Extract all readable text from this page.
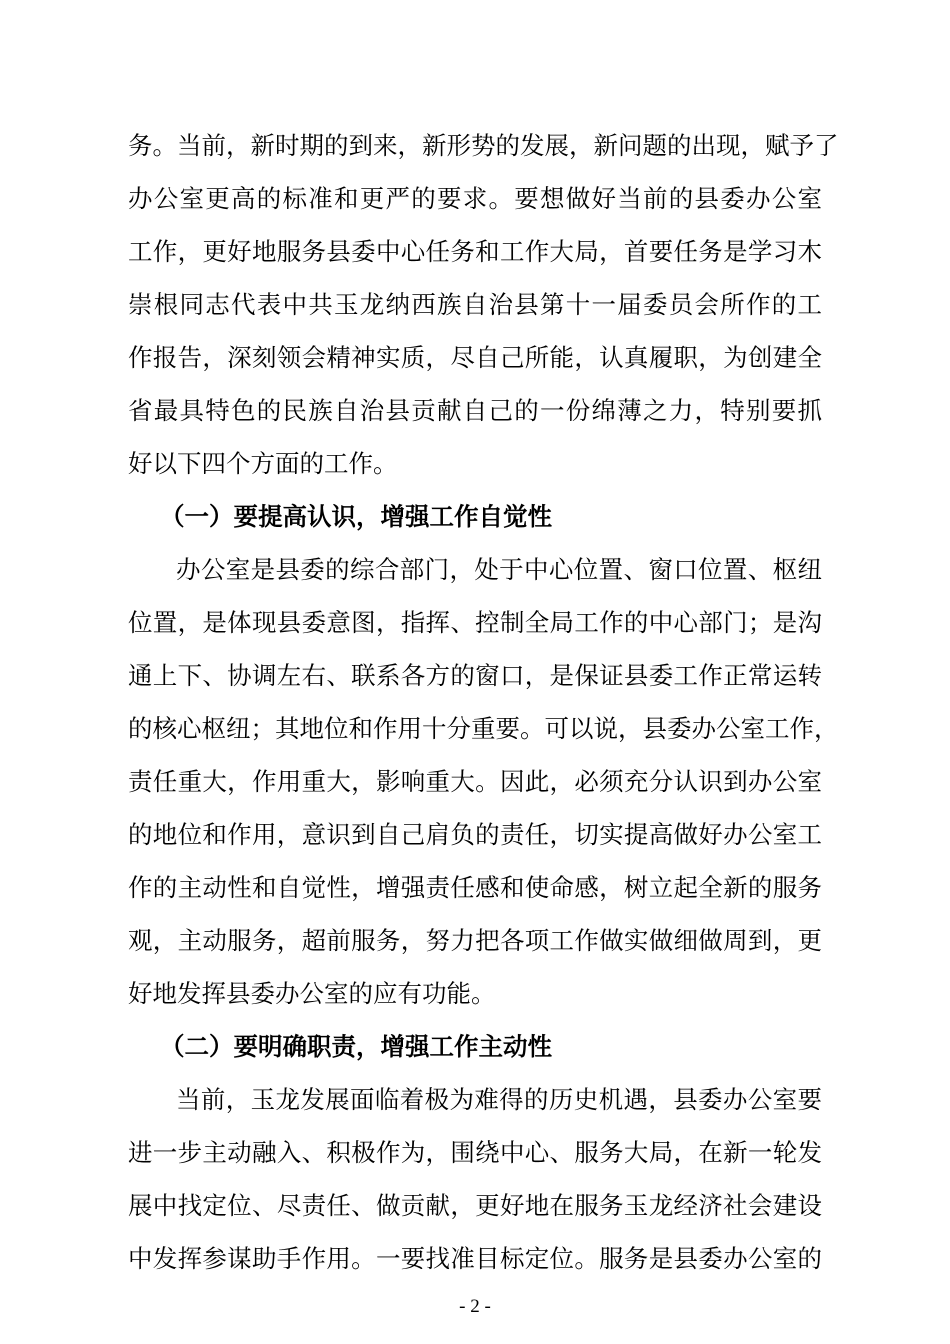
务。当前，新时期的到来，新形势的发展，新问题的出现，赋予了
办公室更高的标准和更严的要求。要想做好当前的县委办公室
工作，更好地服务县委中心任务和工作大局，首要任务是学习木
崇根同志代表中共玉龙纳西族自治县第十一届委员会所作的工
作报告，深刻领会精神实质，尽自己所能，认真履职，为创建全
省最具特色的民族自治县贡献自己的一份绵薄之力，特别要抓
好以下四个方面的工作。
（一）要提高认识，增强工作自觉性
办公室是县委的综合部门，处于中心位置、窗口位置、枢纽
位置，是体现县委意图，指挥、控制全局工作的中心部门；是沟
通上下、协调左右、联系各方的窗口，是保证县委工作正常运转
的核心枢纽；其地位和作用十分重要。可以说，县委办公室工作，
责任重大，作用重大，影响重大。因此，必须充分认识到办公室
的地位和作用，意识到自己肩负的责任，切实提高做好办公室工
作的主动性和自觉性，增强责任感和使命感，树立起全新的服务
观，主动服务，超前服务，努力把各项工作做实做细做周到，更
好地发挥县委办公室的应有功能。
（二）要明确职责，增强工作主动性
当前，玉龙发展面临着极为难得的历史机遇，县委办公室要
进一步主动融入、积极作为，围绕中心、服务大局，在新一轮发
展中找定位、尽责任、做贡献，更好地在服务玉龙经济社会建设
中发挥参谋助手作用。一要找准目标定位。服务是县委办公室的
- 2 -
